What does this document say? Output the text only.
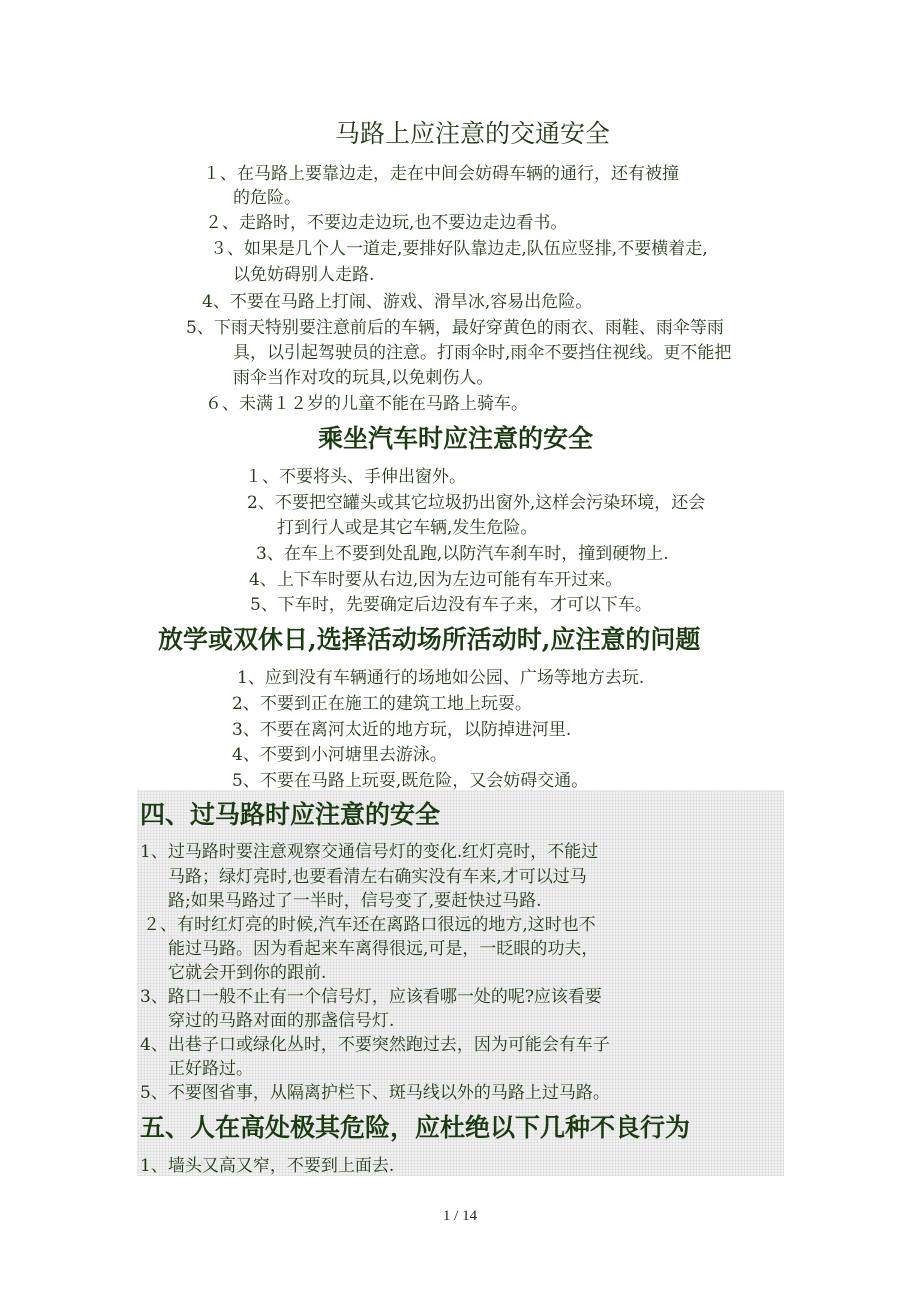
马路上应注意的交通安全
１、在马路上要靠边走，走在中间会妨碍车辆的通行，还有被撞
的危险。
２、走路时，不要边走边玩,也不要边走边看书。
３、如果是几个人一道走,要排好队靠边走,队伍应竖排,不要横着走,
以免妨碍别人走路.
4、不要在马路上打闹、游戏、滑旱冰,容易出危险。
5、下雨天特别要注意前后的车辆，最好穿黄色的雨衣、雨鞋、雨伞等雨
具，以引起驾驶员的注意。打雨伞时,雨伞不要挡住视线。更不能把
雨伞当作对攻的玩具,以免刺伤人。
６、未满１２岁的儿童不能在马路上骑车。
乘坐汽车时应注意的安全
１、不要将头、手伸出窗外。
2、不要把空罐头或其它垃圾扔出窗外,这样会污染环境，还会
打到行人或是其它车辆,发生危险。
3、在车上不要到处乱跑,以防汽车刹车时，撞到硬物上.
4、上下车时要从右边,因为左边可能有车开过来。
5、下车时，先要确定后边没有车子来，才可以下车。
放学或双休日,选择活动场所活动时,应注意的问题
1、应到没有车辆通行的场地如公园、广场等地方去玩.
2、不要到正在施工的建筑工地上玩耍。
3、不要在离河太近的地方玩，以防掉进河里.
4、不要到小河塘里去游泳。
5、不要在马路上玩耍,既危险，又会妨碍交通。
四、过马路时应注意的安全
1、过马路时要注意观察交通信号灯的变化.红灯亮时，不能过
马路；绿灯亮时,也要看清左右确实没有车来,才可以过马
路;如果马路过了一半时，信号变了,要赶快过马路.
２、有时红灯亮的时候,汽车还在离路口很远的地方,这时也不
能过马路。因为看起来车离得很远,可是，一眨眼的功夫，
它就会开到你的跟前.
3、路口一般不止有一个信号灯，应该看哪一处的呢?应该看要
穿过的马路对面的那盏信号灯.
4、出巷子口或绿化丛时，不要突然跑过去，因为可能会有车子
正好路过。
5、不要图省事，从隔离护栏下、斑马线以外的马路上过马路。
五、人在高处极其危险，应杜绝以下几种不良行为
1、墙头又高又窄，不要到上面去.
1 / 14
